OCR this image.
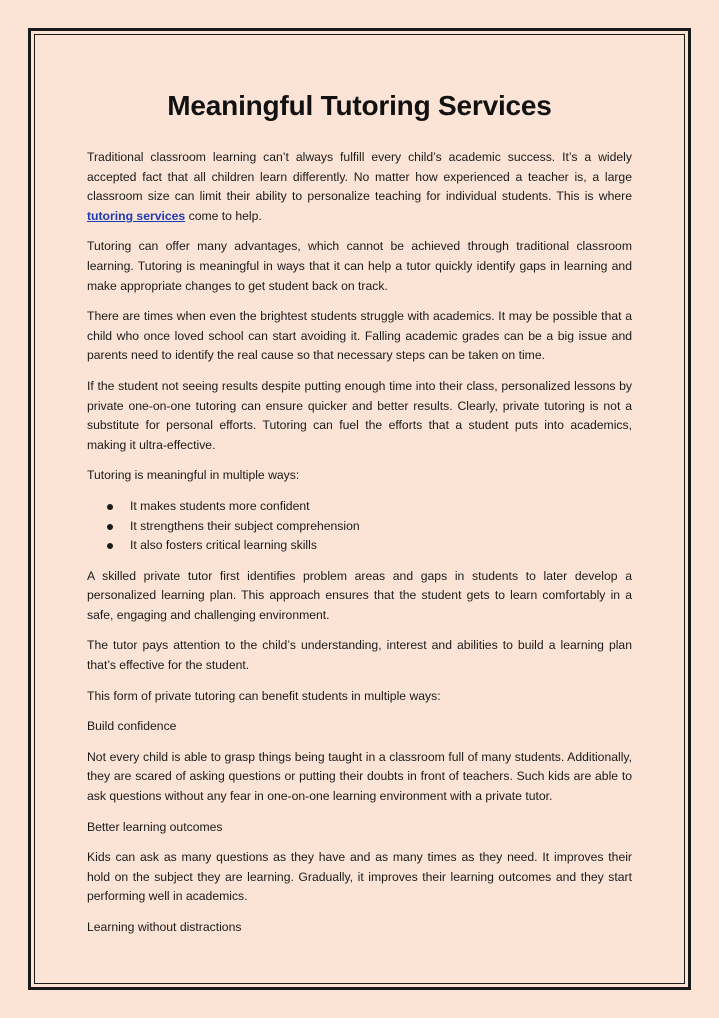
Meaningful Tutoring Services

Traditional classroom learning can’t always fulfill every child’s academic success. It’s a widely accepted fact that all children learn differently. No matter how experienced a teacher is, a large classroom size can limit their ability to personalize teaching for individual students. This is where tutoring services come to help.

Tutoring can offer many advantages, which cannot be achieved through traditional classroom learning. Tutoring is meaningful in ways that it can help a tutor quickly identify gaps in learning and make appropriate changes to get student back on track.

There are times when even the brightest students struggle with academics. It may be possible that a child who once loved school can start avoiding it. Falling academic grades can be a big issue and parents need to identify the real cause so that necessary steps can be taken on time.

If the student not seeing results despite putting enough time into their class, personalized lessons by private one-on-one tutoring can ensure quicker and better results. Clearly, private tutoring is not a substitute for personal efforts. Tutoring can fuel the efforts that a student puts into academics, making it ultra-effective.

Tutoring is meaningful in multiple ways:

It makes students more confident
It strengthens their subject comprehension
It also fosters critical learning skills

A skilled private tutor first identifies problem areas and gaps in students to later develop a personalized learning plan. This approach ensures that the student gets to learn comfortably in a safe, engaging and challenging environment.

The tutor pays attention to the child’s understanding, interest and abilities to build a learning plan that’s effective for the student.

This form of private tutoring can benefit students in multiple ways:

Build confidence

Not every child is able to grasp things being taught in a classroom full of many students. Additionally, they are scared of asking questions or putting their doubts in front of teachers. Such kids are able to ask questions without any fear in one-on-one learning environment with a private tutor.

Better learning outcomes

Kids can ask as many questions as they have and as many times as they need. It improves their hold on the subject they are learning. Gradually, it improves their learning outcomes and they start performing well in academics.

Learning without distractions
